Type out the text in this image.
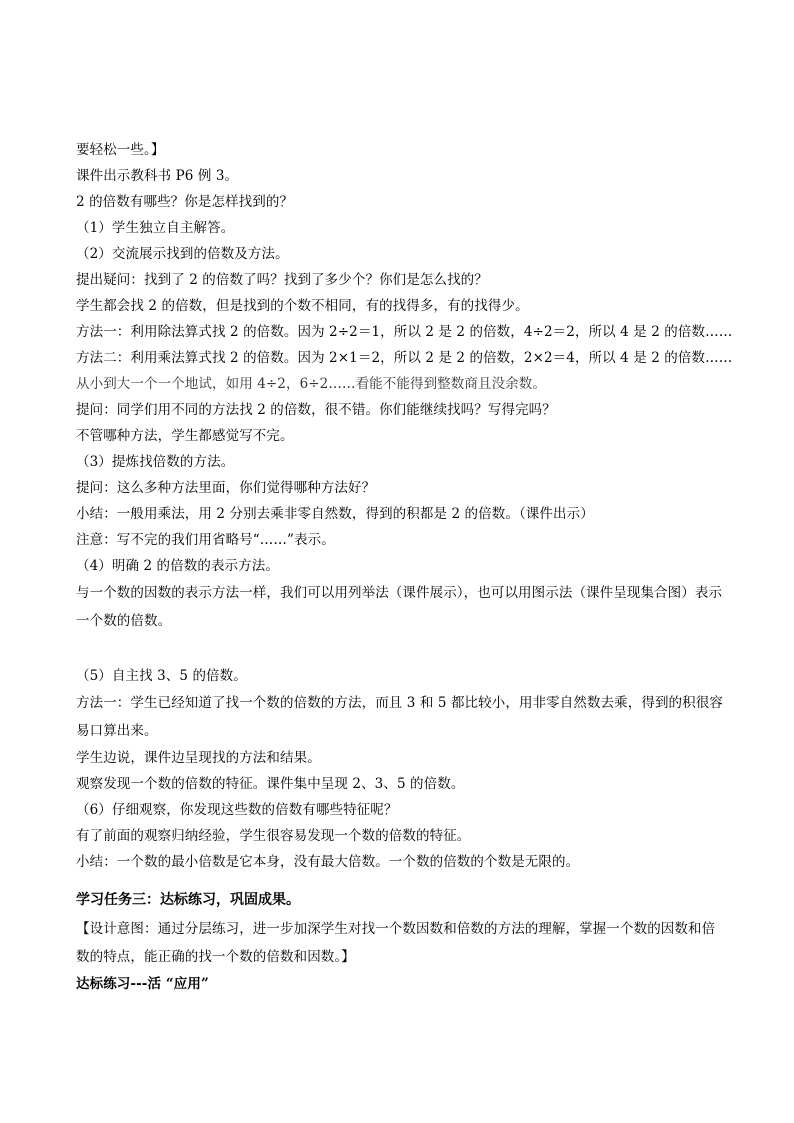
要轻松一些。】
课件出示教科书 P6 例 3。
2 的倍数有哪些？你是怎样找到的？
（1）学生独立自主解答。
（2）交流展示找到的倍数及方法。
提出疑问：找到了 2 的倍数了吗？找到了多少个？你们是怎么找的？
学生都会找 2 的倍数，但是找到的个数不相同，有的找得多，有的找得少。
方法一：利用除法算式找 2 的倍数。因为 2÷2＝1，所以 2 是 2 的倍数，4÷2＝2，所以 4 是 2 的倍数……
方法二：利用乘法算式找 2 的倍数。因为 2×1＝2，所以 2 是 2 的倍数，2×2＝4，所以 4 是 2 的倍数……
从小到大一个一个地试，如用 4÷2，6÷2……看能不能得到整数商且没余数。
提问：同学们用不同的方法找 2 的倍数，很不错。你们能继续找吗？写得完吗？
不管哪种方法，学生都感觉写不完。
（3）提炼找倍数的方法。
提问：这么多种方法里面，你们觉得哪种方法好？
小结：一般用乘法，用 2 分别去乘非零自然数，得到的积都是 2 的倍数。（课件出示）
注意：写不完的我们用省略号“……”表示。
（4）明确 2 的倍数的表示方法。
与一个数的因数的表示方法一样，我们可以用列举法（课件展示），也可以用图示法（课件呈现集合图）表示一个数的倍数。
（5）自主找 3、5 的倍数。
方法一：学生已经知道了找一个数的倍数的方法，而且 3 和 5 都比较小，用非零自然数去乘，得到的积很容易口算出来。
学生边说，课件边呈现找的方法和结果。
观察发现一个数的倍数的特征。课件集中呈现 2、3、5 的倍数。
（6）仔细观察，你发现这些数的倍数有哪些特征呢？
有了前面的观察归纳经验，学生很容易发现一个数的倍数的特征。
小结：一个数的最小倍数是它本身，没有最大倍数。一个数的倍数的个数是无限的。
学习任务三：达标练习，巩固成果。
【设计意图：通过分层练习，进一步加深学生对找一个数因数和倍数的方法的理解，掌握一个数的因数和倍数的特点，能正确的找一个数的倍数和因数。】
达标练习---活 “应用”
